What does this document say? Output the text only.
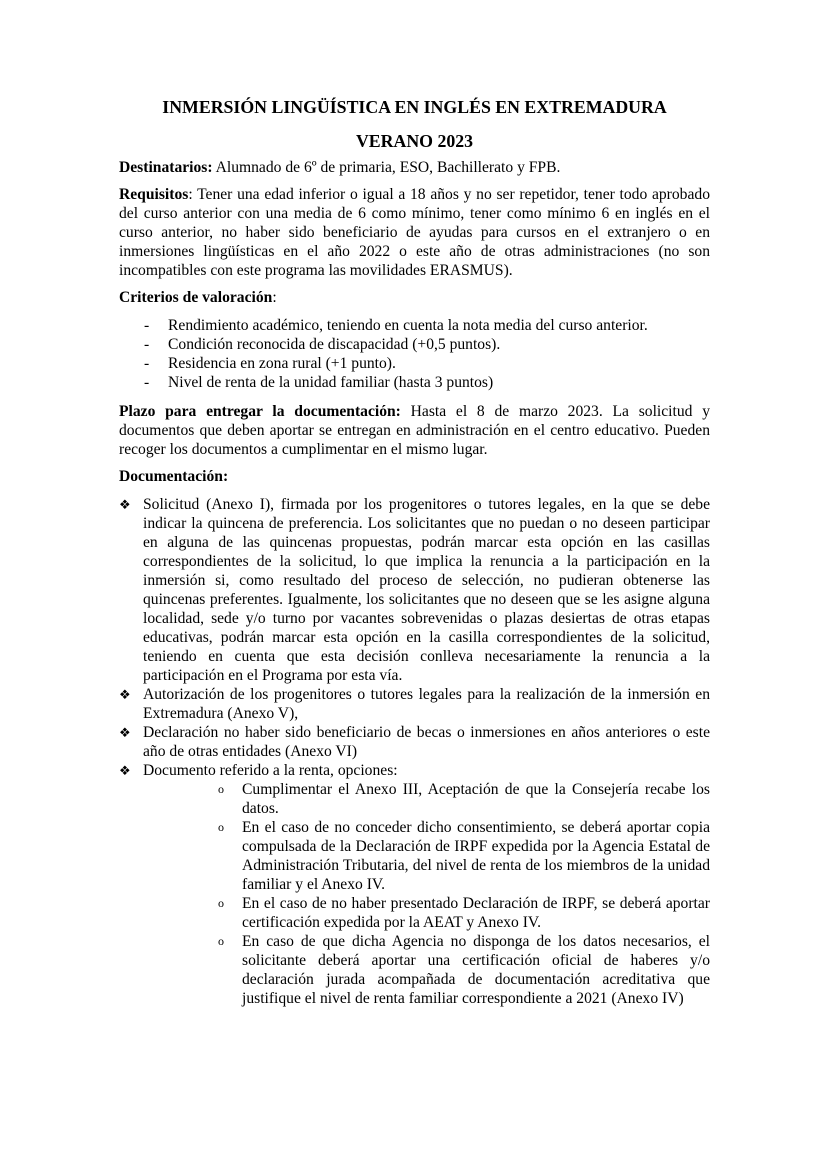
INMERSIÓN LINGÜÍSTICA EN INGLÉS EN EXTREMADURA
VERANO 2023

Destinatarios: Alumnado de 6º de primaria, ESO, Bachillerato y FPB.

Requisitos: Tener una edad inferior o igual a 18 años y no ser repetidor, tener todo aprobado del curso anterior con una media de 6 como mínimo, tener como mínimo 6 en inglés en el curso anterior, no haber sido beneficiario de ayudas para cursos en el extranjero o en inmersiones lingüísticas en el año 2022 o este año de otras administraciones (no son incompatibles con este programa las movilidades ERASMUS).

Criterios de valoración:
- Rendimiento académico, teniendo en cuenta la nota media del curso anterior.
- Condición reconocida de discapacidad (+0,5 puntos).
- Residencia en zona rural (+1 punto).
- Nivel de renta de la unidad familiar (hasta 3 puntos)

Plazo para entregar la documentación: Hasta el 8 de marzo 2023. La solicitud y documentos que deben aportar se entregan en administración en el centro educativo. Pueden recoger los documentos a cumplimentar en el mismo lugar.

Documentación:
❖ Solicitud (Anexo I), firmada por los progenitores o tutores legales, en la que se debe indicar la quincena de preferencia. Los solicitantes que no puedan o no deseen participar en alguna de las quincenas propuestas, podrán marcar esta opción en las casillas correspondientes de la solicitud, lo que implica la renuncia a la participación en la inmersión si, como resultado del proceso de selección, no pudieran obtenerse las quincenas preferentes. Igualmente, los solicitantes que no deseen que se les asigne alguna localidad, sede y/o turno por vacantes sobrevenidas o plazas desiertas de otras etapas educativas, podrán marcar esta opción en la casilla correspondientes de la solicitud, teniendo en cuenta que esta decisión conlleva necesariamente la renuncia a la participación en el Programa por esta vía.
❖ Autorización de los progenitores o tutores legales para la realización de la inmersión en Extremadura (Anexo V),
❖ Declaración no haber sido beneficiario de becas o inmersiones en años anteriores o este año de otras entidades (Anexo VI)
❖ Documento referido a la renta, opciones:
o Cumplimentar el Anexo III, Aceptación de que la Consejería recabe los datos.
o En el caso de no conceder dicho consentimiento, se deberá aportar copia compulsada de la Declaración de IRPF expedida por la Agencia Estatal de Administración Tributaria, del nivel de renta de los miembros de la unidad familiar y el Anexo IV.
o En el caso de no haber presentado Declaración de IRPF, se deberá aportar certificación expedida por la AEAT y Anexo IV.
o En caso de que dicha Agencia no disponga de los datos necesarios, el solicitante deberá aportar una certificación oficial de haberes y/o declaración jurada acompañada de documentación acreditativa que justifique el nivel de renta familiar correspondiente a 2021 (Anexo IV)
